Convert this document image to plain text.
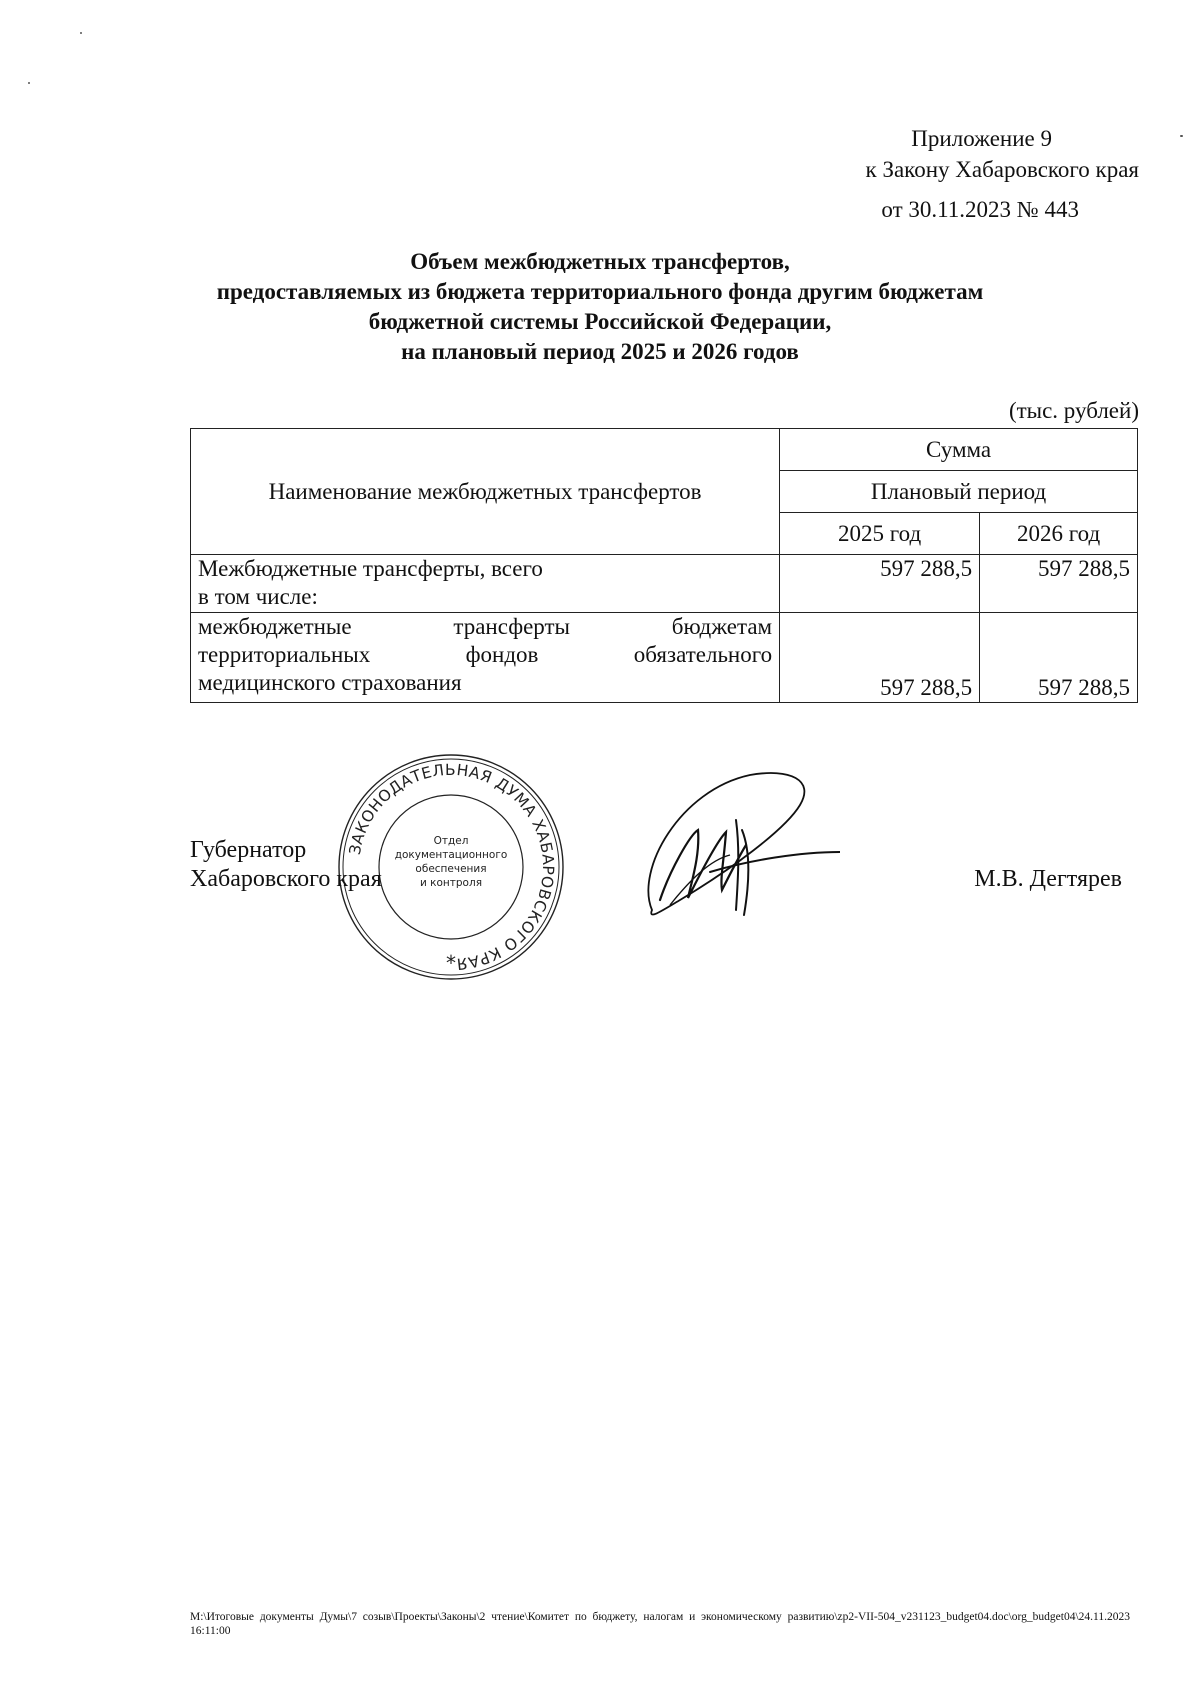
Приложение 9
к Закону Хабаровского края
от 30.11.2023 № 443
Объем межбюджетных трансфертов,
предоставляемых из бюджета территориального фонда другим бюджетам
бюджетной системы Российской Федерации,
на плановый период 2025 и 2026 годов
(тыс. рублей)
Наименование межбюджетных трансфертов	Сумма	
	Плановый период	
	2025 год	2026 год

Межбюджетные трансферты, всего
в том числе:	597 288,5	597 288,5

межбюджетные трансферты бюджетам
территориальных фондов обязательного
медицинского страхования	597 288,5	597 288,5
ЗАКОНОДАТЕЛЬНАЯ ДУМА ХАБАРОВСКОГО КРАЯ
Отдел
документационного
обеспечения
и контроля
*
Губернатор
Хабаровского края	М.В. Дегтярев
M:\Итоговые документы Думы\7 созыв\Проекты\Законы\2 чтение\Комитет по бюджету, налогам и экономическому развитию\zp2-VII-504_v231123_budget04.doc\org_budget04\24.11.2023 16:11:00
